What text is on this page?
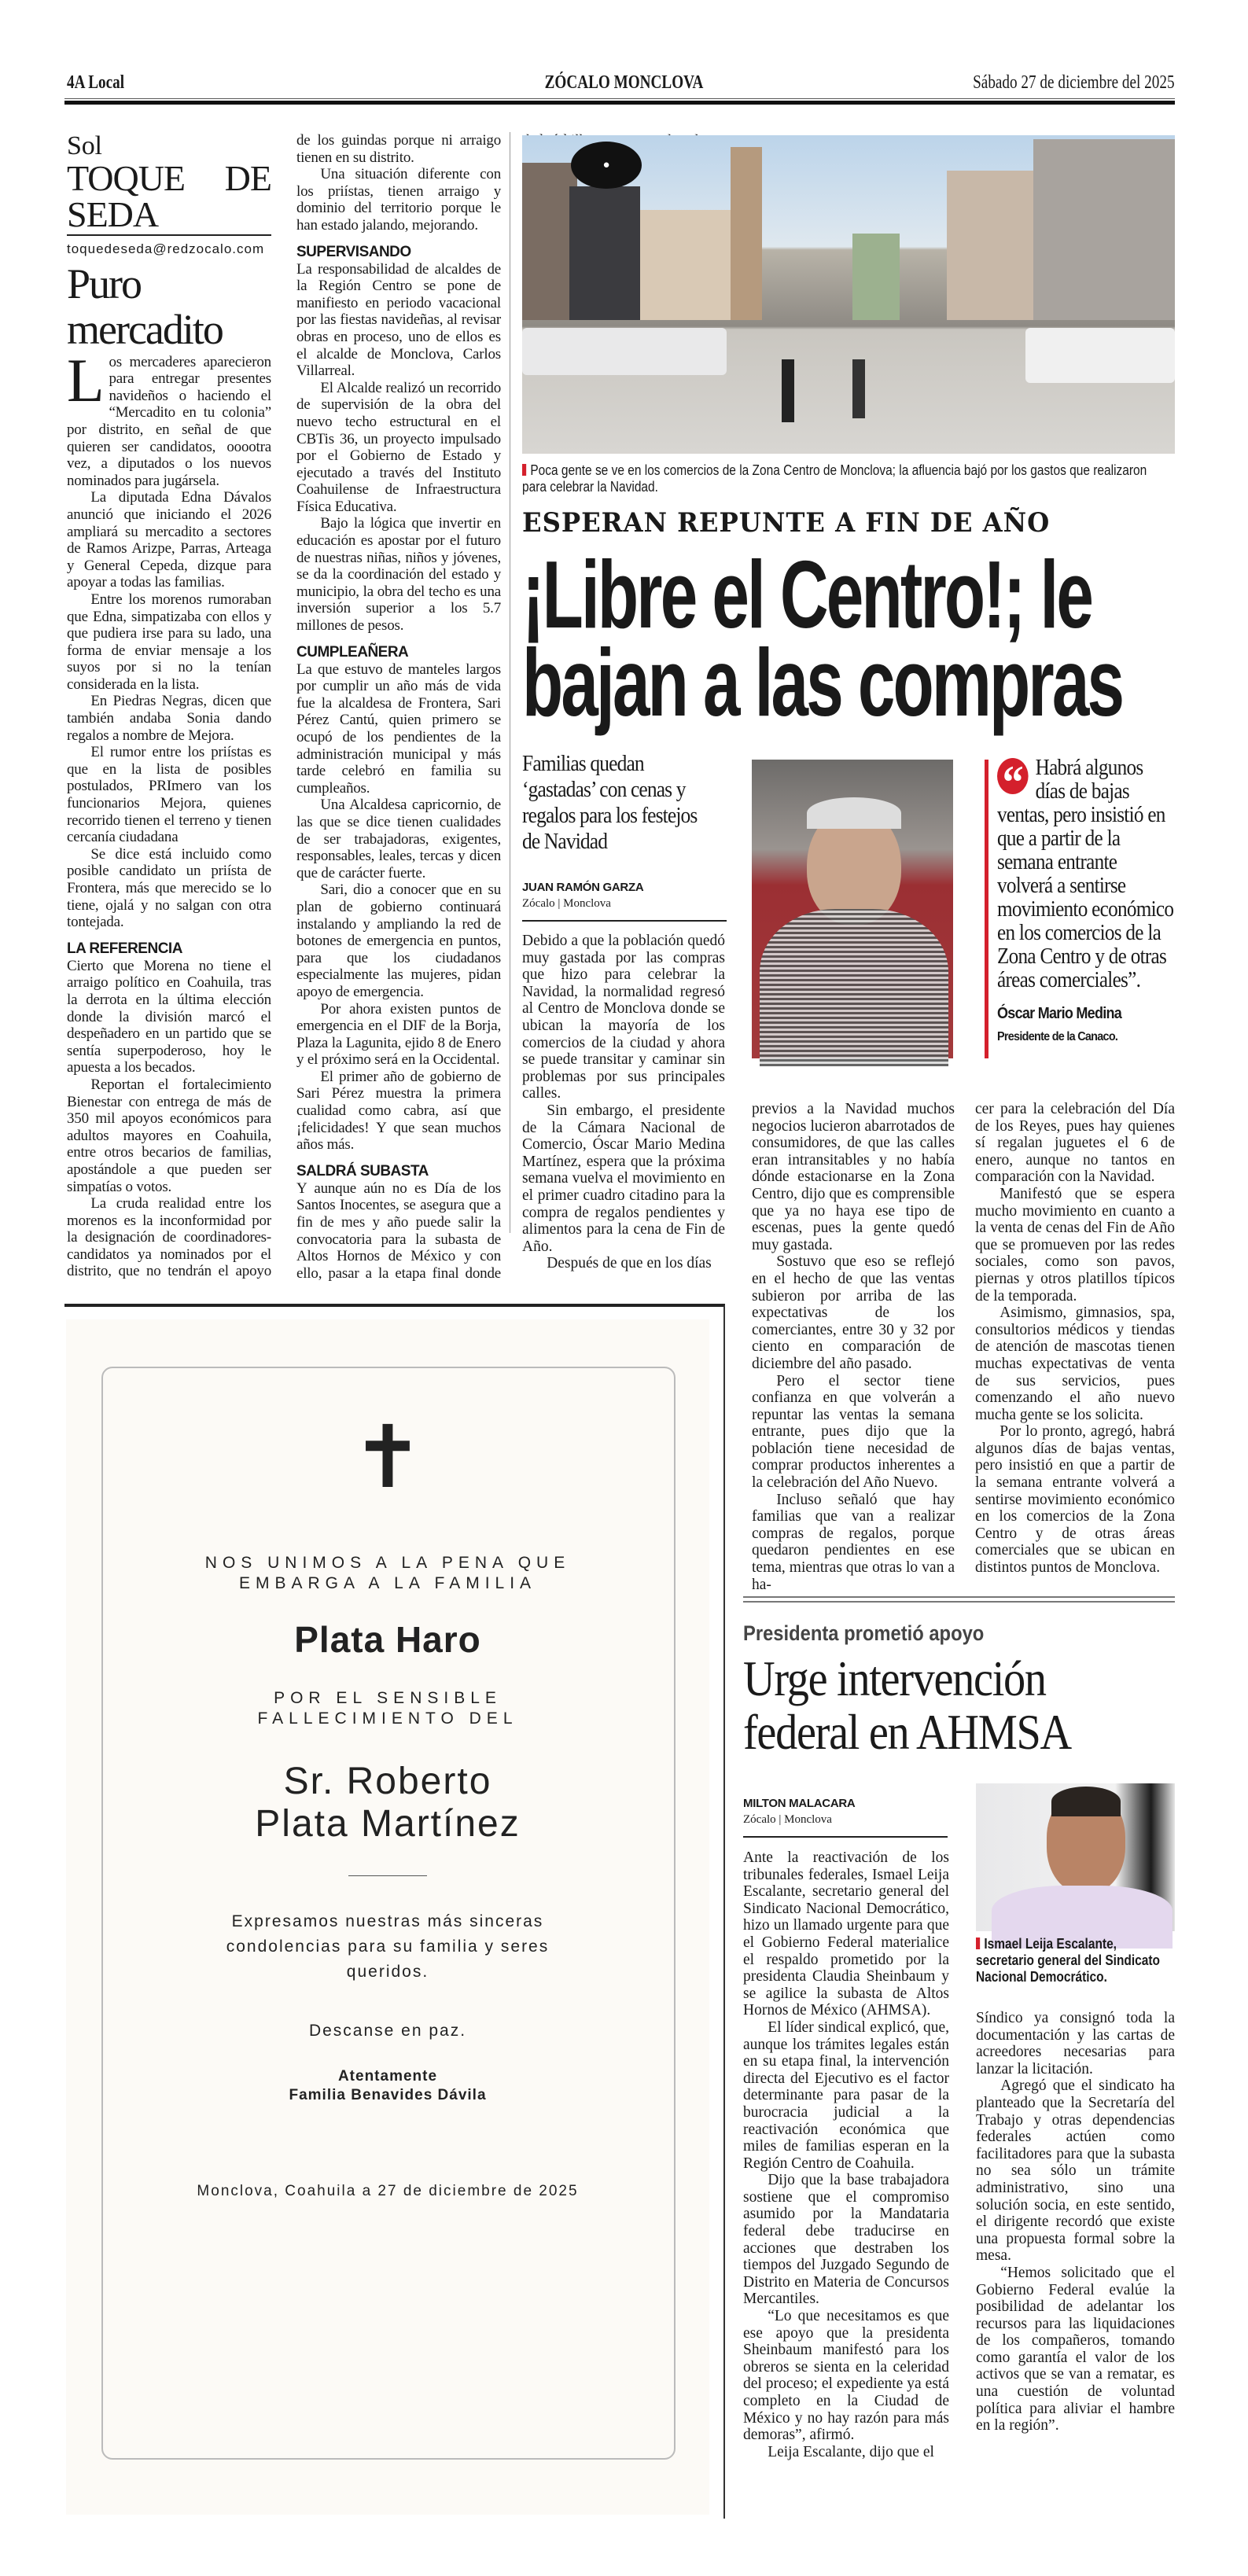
4A Local	ZÓCALO MONCLOVA	Sábado 27 de diciembre del 2025
Sol
TOQUE DE SEDA
toquedeseda@redzocalo.com
Puro mercadito

Los mercaderes aparecieron para entregar presentes navideños o haciendo el “Mercadito en tu colonia” por distrito, en señal de que quieren ser candidatos, ooootra vez, a diputados o los nuevos nominados para jugársela.

La diputada Edna Dávalos anunció que iniciando el 2026 ampliará su mercadito a sectores de Ramos Arizpe, Parras, Arteaga y General Cepeda, dizque para apoyar a todas las familias.

Entre los morenos rumoraban que Edna, simpatizaba con ellos y que pudiera irse para su lado, una forma de enviar mensaje a los suyos por si no la tenían considerada en la lista.

En Piedras Negras, dicen que también andaba Sonia dando regalos a nombre de Mejora.

El rumor entre los priístas es que en la lista de posibles postulados, PRImero van los funcionarios Mejora, quienes recorrido tienen el terreno y tienen cercanía ciudadana

Se dice está incluido como posible candidato un priísta de Frontera, más que merecido se lo tiene, ojalá y no salgan con otra tontejada.

LA REFERENCIA

Cierto que Morena no tiene el arraigo político en Coahuila, tras la derrota en la última elección donde la división marcó el despeñadero en un partido que se sentía superpoderoso, hoy le apuesta a los becados.

Reportan el fortalecimiento Bienestar con entrega de más de 350 mil apoyos económicos para adultos mayores en Coahuila, entre otros becarios de familias, apostándole a que pueden ser simpatías o votos.

La cruda realidad entre los morenos es la inconformidad por la designación de coordinadores-candidatos ya nominados por el distrito, que no tendrán el apoyo de los guindas porque ni arraigo tienen en su distrito.

Una situación diferente con los priístas, tienen arraigo y dominio del territorio porque le han estado jalando, mejorando.

SUPERVISANDO

La responsabilidad de alcaldes de la Región Centro se pone de manifiesto en periodo vacacional por las fiestas navideñas, al revisar obras en proceso, uno de ellos es el alcalde de Monclova, Carlos Villarreal.

El Alcalde realizó un recorrido de supervisión de la obra del nuevo techo estructural en el CBTis 36, un proyecto impulsado por el Gobierno de Estado y ejecutado a través del Instituto Coahuilense de Infraestructura Física Educativa.

Bajo la lógica que invertir en educación es apostar por el futuro de nuestras niñas, niños y jóvenes, se da la coordinación del estado y municipio, la obra del techo es una inversión superior a los 5.7 millones de pesos.

CUMPLEAÑERA

La que estuvo de manteles largos por cumplir un año más de vida fue la alcaldesa de Frontera, Sari Pérez Cantú, quien primero se ocupó de los pendientes de la administración municipal y más tarde celebró en familia su cumpleaños.

Una Alcaldesa capricornio, de las que se dice tienen cualidades de ser trabajadoras, exigentes, responsables, leales, tercas y dicen que de carácter fuerte.

Sari, dio a conocer que en su plan de gobierno continuará instalando y ampliando la red de botones de emergencia en puntos, para que los ciudadanos especialmente las mujeres, pidan apoyo de emergencia.

Por ahora existen puntos de emergencia en el DIF de la Borja, Plaza la Lagunita, ejido 8 de Enero y el próximo será en la Occidental.

El primer año de gobierno de Sari Pérez muestra la primera cualidad como cabra, así que ¡felicidades! Y que sean muchos años más.

SALDRÁ SUBASTA

Y aunque aún no es Día de los Santos Inocentes, se asegura que a fin de mes y año puede salir la convocatoria para la subasta de Altos Hornos de México y con ello, pasar a la etapa final donde

●
Poca gente se ve en los comercios de la Zona Centro de Monclova; la afluencia bajó por los gastos que realizaron para celebrar la Navidad.
ESPERAN REPUNTE A FIN DE AÑO
¡Libre el Centro!; le
bajan a las compras
Familias quedan ‘gastadas’ con cenas y regalos para los festejos de Navidad
JUAN RAMÓN GARZA
Zócalo | Monclova

Debido a que la población quedó muy gastada por las compras que hizo para celebrar la Navidad, la normalidad regresó al Centro de Monclova donde se ubican la mayoría de los comercios de la ciudad y ahora se puede transitar y caminar sin problemas por sus principales calles.

Sin embargo, el presidente de la Cámara Nacional de Comercio, Óscar Mario Medina Martínez, espera que la próxima semana vuelva el movimiento en el primer cuadro citadino para la compra de regalos pendientes y alimentos para la cena de Fin de Año.

Después de que en los días

“ Habrá algunos días de bajas ventas, pero insistió en que a partir de la semana entrante volverá a sentirse movimiento económico en los comercios de la Zona Centro y de otras áreas comerciales”.
Óscar Mario Medina
Presidente de la Canaco.

previos a la Navidad muchos negocios lucieron abarrotados de consumidores, de que las calles eran intransitables y no había dónde estacionarse en la Zona Centro, dijo que es comprensible que ya no haya ese tipo de escenas, pues la gente quedó muy gastada.

Sostuvo que eso se reflejó en el hecho de que las ventas subieron por arriba de las expectativas de los comerciantes, entre 30 y 32 por ciento en comparación de diciembre del año pasado.

Pero el sector tiene confianza en que volverán a repuntar las ventas la semana entrante, pues dijo que la población tiene necesidad de comprar productos inherentes a la celebración del Año Nuevo.

Incluso señaló que hay familias que van a realizar compras de regalos, porque quedaron pendientes en ese tema, mientras que otras lo van a ha-

cer para la celebración del Día de los Reyes, pues hay quienes sí regalan juguetes el 6 de enero, aunque no tantos en comparación con la Navidad.

Manifestó que se espera mucho movimiento en cuanto a la venta de cenas del Fin de Año que se promueven por las redes sociales, como son pavos, piernas y otros platillos típicos de la temporada.

Asimismo, gimnasios, spa, consultorios médicos y tiendas de atención de mascotas tienen muchas expectativas de venta de sus servicios, pues comenzando el año nuevo mucha gente se los solicita.

Por lo pronto, agregó, habrá algunos días de bajas ventas, pero insistió en que a partir de la semana entrante volverá a sentirse movimiento económico en los comercios de la Zona Centro y de otras áreas comerciales que se ubican en distintos puntos de Monclova.

✝
NOS UNIMOS A LA PENA QUE
EMBARGA A LA FAMILIA
Plata Haro
POR EL SENSIBLE
FALLECIMIENTO DEL
Sr. Roberto
Plata Martínez
Expresamos nuestras más sinceras
condolencias para su familia y seres
queridos.
Descanse en paz.
Atentamente
Familia Benavides Dávila
Monclova, Coahuila a 27 de diciembre de 2025
Presidenta prometió apoyo
Urge intervención
federal en AHMSA
MILTON MALACARA
Zócalo | Monclova

Ante la reactivación de los tribunales federales, Ismael Leija Escalante, secretario general del Sindicato Nacional Democrático, hizo un llamado urgente para que el Gobierno Federal materialice el respaldo prometido por la presidenta Claudia Sheinbaum y se agilice la subasta de Altos Hornos de México (AHMSA).

El líder sindical explicó, que, aunque los trámites legales están en su etapa final, la intervención directa del Ejecutivo es el factor determinante para pasar de la burocracia judicial a la reactivación económica que miles de familias esperan en la Región Centro de Coahuila.

Dijo que la base trabajadora sostiene que el compromiso asumido por la Mandataria federal debe traducirse en acciones que destraben los tiempos del Juzgado Segundo de Distrito en Materia de Concursos Mercantiles.

“Lo que necesitamos es que ese apoyo que la presidenta Sheinbaum manifestó para los obreros se sienta en la celeridad del proceso; el expediente ya está completo en la Ciudad de México y no hay razón para más demoras”, afirmó.

Leija Escalante, dijo que el

Ismael Leija Escalante, secretario general del Sindicato Nacional Democrático.

Síndico ya consignó toda la documentación y las cartas de acreedores necesarias para lanzar la licitación.

Agregó que el sindicato ha planteado que la Secretaría del Trabajo y otras dependencias federales actúen como facilitadores para que la subasta no sea sólo un trámite administrativo, sino una solución socia, en este sentido, el dirigente recordó que existe una propuesta formal sobre la mesa.

“Hemos solicitado que el Gobierno Federal evalúe la posibilidad de adelantar los recursos para las liquidaciones de los compañeros, tomando como garantía el valor de los activos que se van a rematar, es una cuestión de voluntad política para aliviar el hambre en la región”.
